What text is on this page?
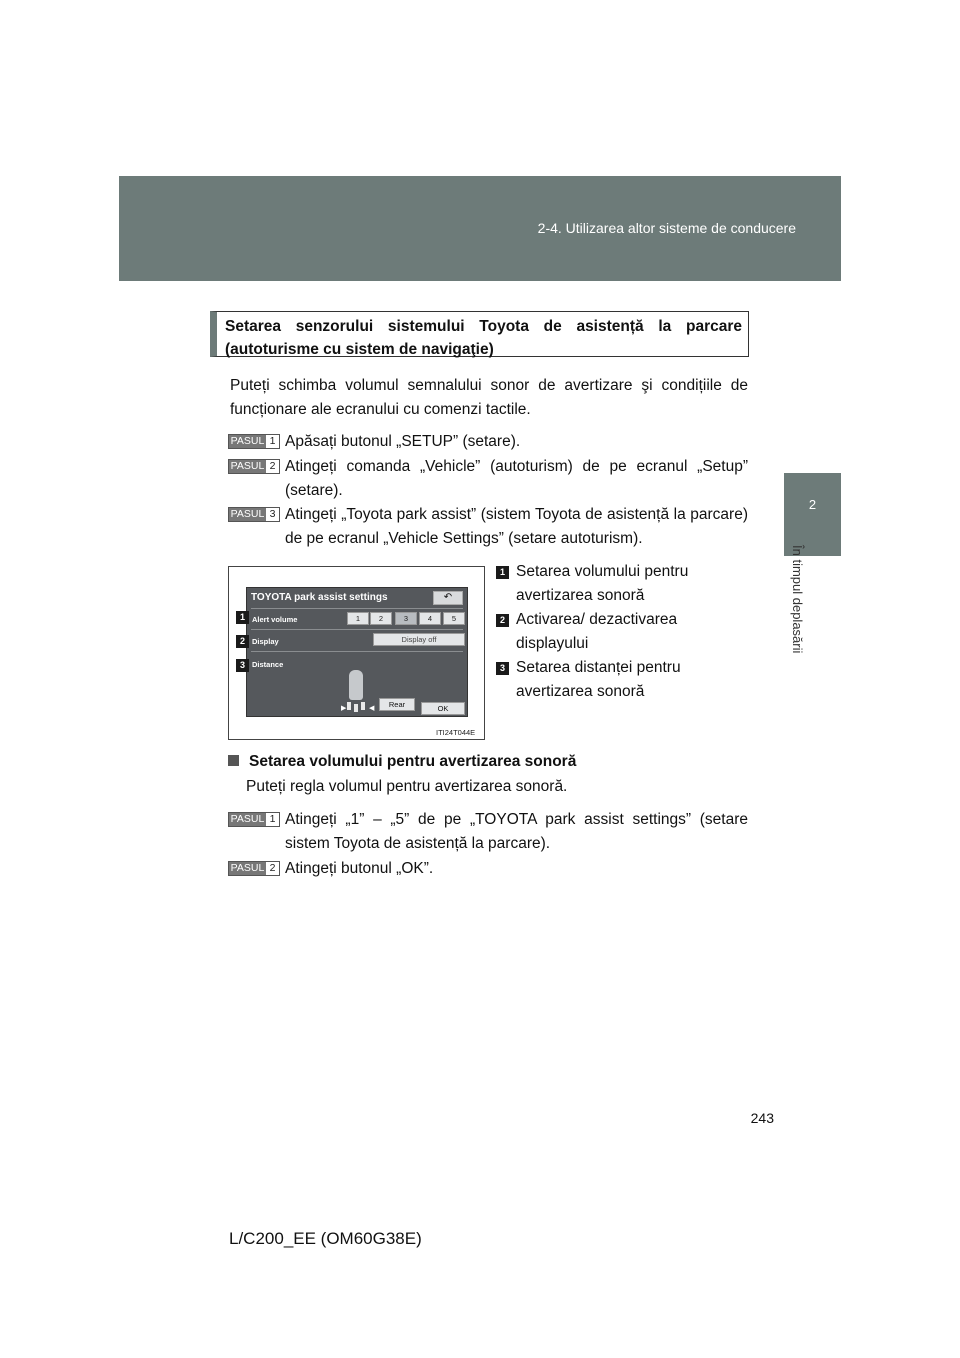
2-4. Utilizarea altor sisteme de conducere
2
În timpul deplasării
Setarea senzorului sistemului Toyota de asistență la parcare (autoturisme cu sistem de navigaţie)
Puteți schimba volumul semnalului sonor de avertizare şi condițiile de funcționare ale ecranului cu comenzi tactile.
PASUL 1 Apăsați butonul „SETUP” (setare).
PASUL 2 Atingeți comanda „Vehicle” (autoturism) de pe ecranul „Setup” (setare).
PASUL 3 Atingeți „Toyota park assist” (sistem Toyota de asistență la parcare) de pe ecranul „Vehicle Settings” (setare autoturism).
TOYOTA park assist settings	↶
Alert volume	1	2	3	4	5
Display	Display off
Distance
▶	◀	Rear	OK
1
2
3
ITI24T044E
1 Setarea volumului pentru avertizarea sonoră
2 Activarea/ dezactivarea displayului
3 Setarea distanței pentru avertizarea sonoră
Setarea volumului pentru avertizarea sonoră
Puteți regla volumul pentru avertizarea sonoră.
PASUL 1 Atingeți „1” – „5” de pe „TOYOTA park assist settings” (setare sistem Toyota de asistență la parcare).
PASUL 2 Atingeți butonul „OK”.
243
L/C200_EE (OM60G38E)
